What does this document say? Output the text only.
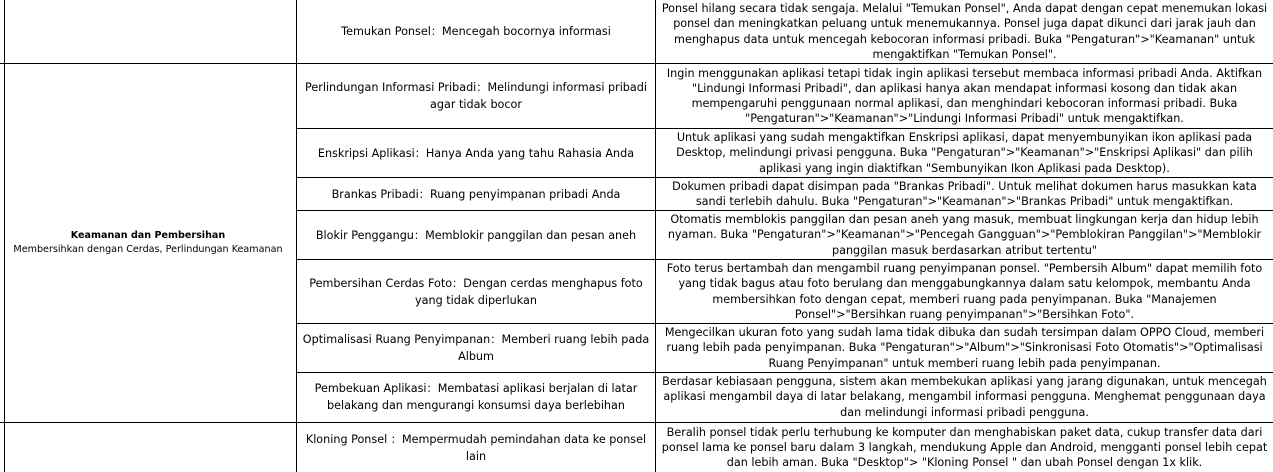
Temukan Ponsel：Mencegah bocornya informasi
Ponsel hilang secara tidak sengaja. Melalui "Temukan Ponsel", Anda dapat dengan cepat menemukan lokasi ponsel dan meningkatkan peluang untuk menemukannya. Ponsel juga dapat dikunci dari jarak jauh dan menghapus data untuk mencegah kebocoran informasi pribadi. Buka "Pengaturan">"Keamanan" untuk mengaktifkan "Temukan Ponsel".
Keamanan dan Pembersihan
Membersihkan dengan Cerdas, Perlindungan Keamanan
Perlindungan Informasi Pribadi：Melindungi informasi pribadi agar tidak bocor
Ingin menggunakan aplikasi tetapi tidak ingin aplikasi tersebut membaca informasi pribadi Anda. Aktifkan "Lindungi Informasi Pribadi", dan aplikasi hanya akan mendapat informasi kosong dan tidak akan mempengaruhi penggunaan normal aplikasi, dan menghindari kebocoran informasi pribadi. Buka "Pengaturan">"Keamanan">"Lindungi Informasi Pribadi" untuk mengaktifkan.
Enskripsi Aplikasi：Hanya Anda yang tahu Rahasia Anda
Untuk aplikasi yang sudah mengaktifkan Enskripsi aplikasi, dapat menyembunyikan ikon aplikasi pada Desktop, melindungi privasi pengguna. Buka "Pengaturan">"Keamanan">"Enskripsi Aplikasi" dan pilih aplikasi yang ingin diaktifkan "Sembunyikan Ikon Aplikasi pada Desktop).
Brankas Pribadi：Ruang penyimpanan pribadi Anda
Dokumen pribadi dapat disimpan pada "Brankas Pribadi". Untuk melihat dokumen harus masukkan kata sandi terlebih dahulu. Buka "Pengaturan">"Keamanan">"Brankas Pribadi" untuk mengaktifkan.
Blokir Penggangu：Memblokir panggilan dan pesan aneh
Otomatis memblokis panggilan dan pesan aneh yang masuk, membuat lingkungan kerja dan hidup lebih nyaman. Buka "Pengaturan">"Keamanan">"Pencegah Gangguan">"Pemblokiran Panggilan">"Memblokir panggilan masuk berdasarkan atribut tertentu"
Pembersihan Cerdas Foto：Dengan cerdas menghapus foto yang tidak diperlukan
Foto terus bertambah dan mengambil ruang penyimpanan ponsel. "Pembersih Album" dapat memilih foto yang tidak bagus atau foto berulang dan menggabungkannya dalam satu kelompok, membantu Anda membersihkan foto dengan cepat, memberi ruang pada penyimpanan. Buka "Manajemen Ponsel">"Bersihkan ruang penyimpanan">"Bersihkan Foto".
Optimalisasi Ruang Penyimpanan：Memberi ruang lebih pada Album
Mengecilkan ukuran foto yang sudah lama tidak dibuka dan sudah tersimpan dalam OPPO Cloud, memberi ruang lebih pada penyimpanan. Buka "Pengaturan">"Album">"Sinkronisasi Foto Otomatis">"Optimalisasi Ruang Penyimpanan" untuk memberi ruang lebih pada penyimpanan.
Pembekuan Aplikasi：Membatasi aplikasi berjalan di latar belakang dan mengurangi konsumsi daya berlebihan
Berdasar kebiasaan pengguna, sistem akan membekukan aplikasi yang jarang digunakan, untuk mencegah aplikasi mengambil daya di latar belakang, mengambil informasi pengguna. Menghemat penggunaan daya dan melindungi informasi pribadi pengguna.
Kloning Ponsel ：Mempermudah pemindahan data ke ponsel lain
Beralih ponsel tidak perlu terhubung ke komputer dan menghabiskan paket data, cukup transfer data dari ponsel lama ke ponsel baru dalam 3 langkah, mendukung Apple dan Android, mengganti ponsel lebih cepat dan lebih aman. Buka "Desktop"> "Kloning Ponsel " dan ubah Ponsel dengan 1x klik.
